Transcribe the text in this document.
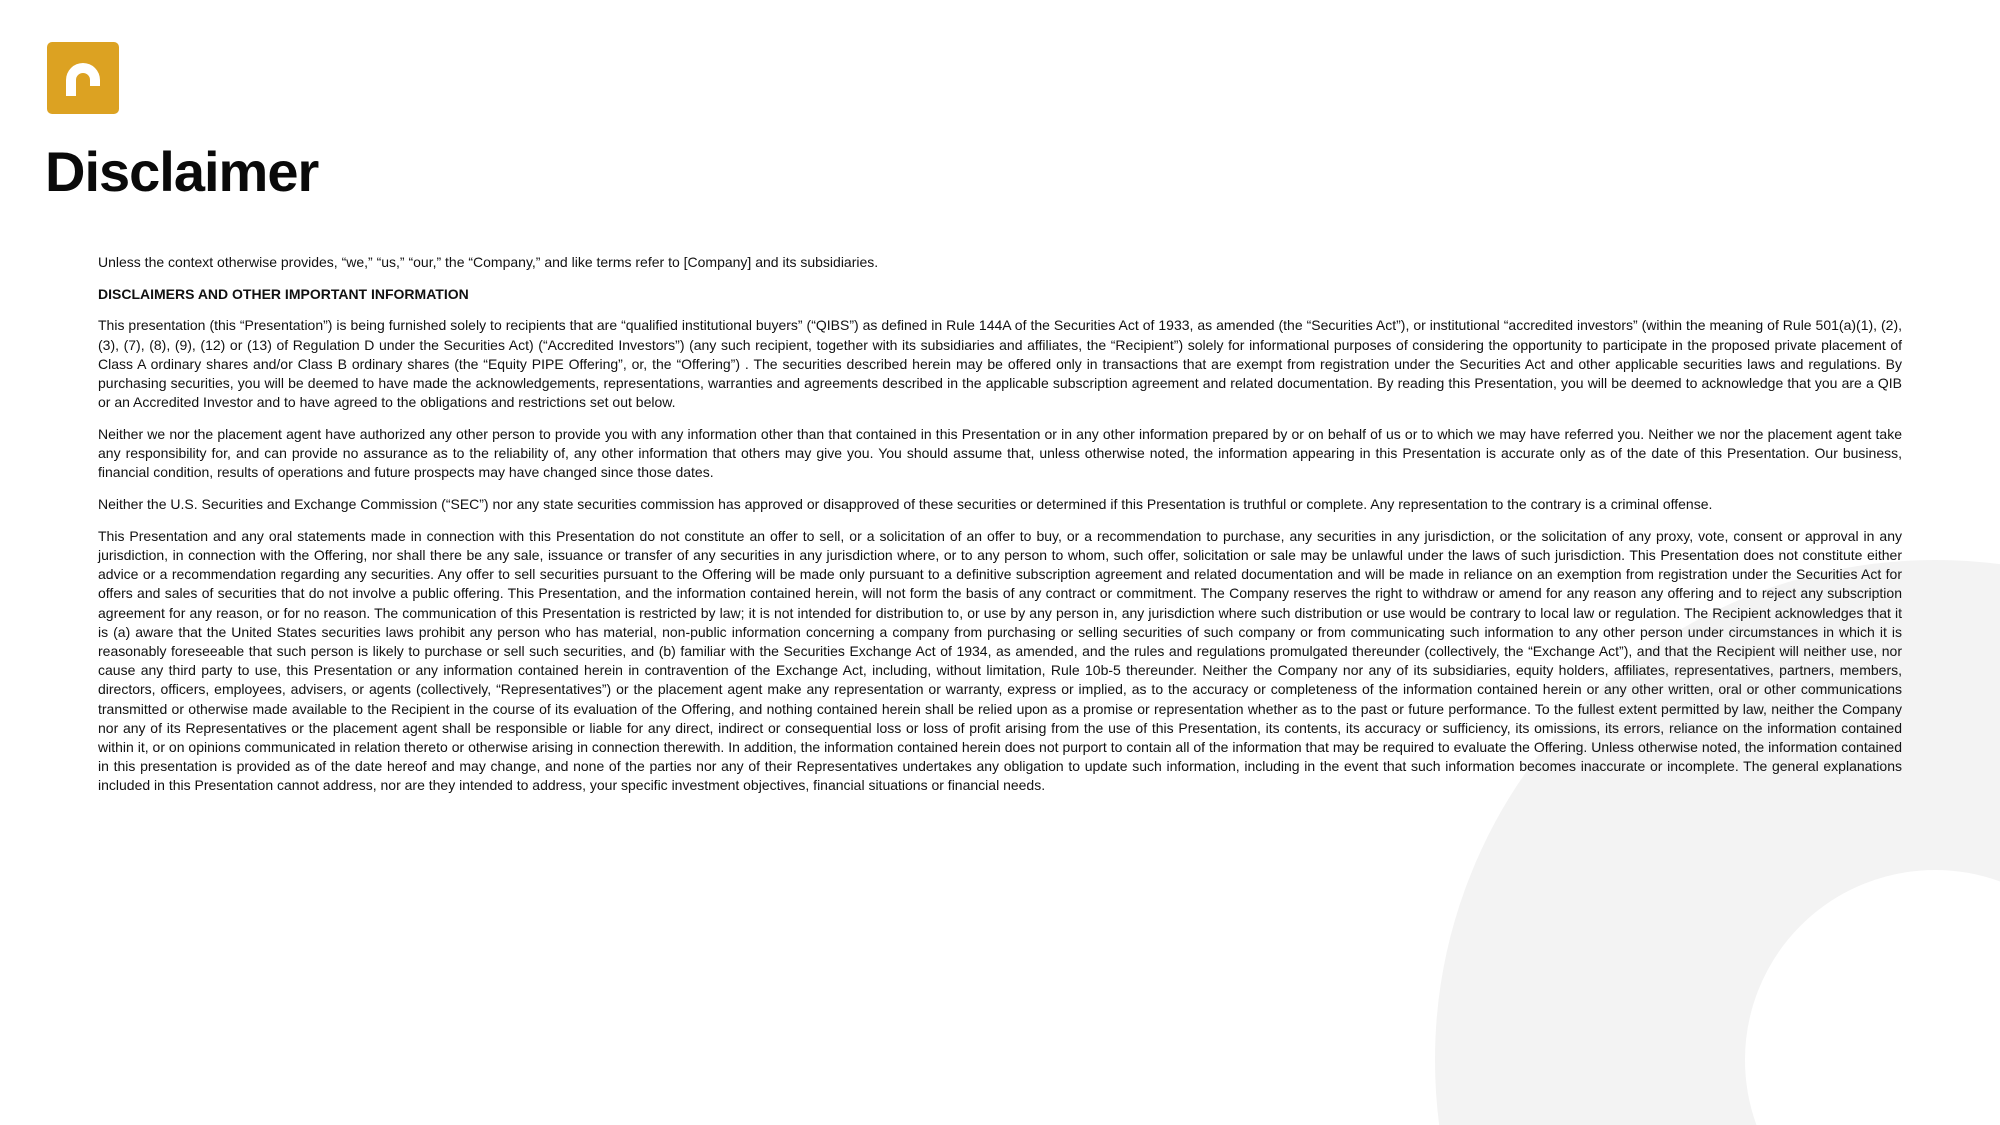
Disclaimer

Unless the context otherwise provides, “we,” “us,” “our,” the “Company,” and like terms refer to [Company] and its subsidiaries.

DISCLAIMERS AND OTHER IMPORTANT INFORMATION

This presentation (this “Presentation”) is being furnished solely to recipients that are “qualified institutional buyers” (“QIBS”) as defined in Rule 144A of the Securities Act of 1933, as amended (the “Securities Act”), or institutional “accredited investors” (within the meaning of Rule 501(a)(1), (2), (3), (7), (8), (9), (12) or (13) of Regulation D under the Securities Act) (“Accredited Investors”) (any such recipient, together with its subsidiaries and affiliates, the “Recipient”) solely for informational purposes of considering the opportunity to participate in the proposed private placement of Class A ordinary shares and/or Class B ordinary shares (the “Equity PIPE Offering”, or, the “Offering”) . The securities described herein may be offered only in transactions that are exempt from registration under the Securities Act and other applicable securities laws and regulations. By purchasing securities, you will be deemed to have made the acknowledgements, representations, warranties and agreements described in the applicable subscription agreement and related documentation. By reading this Presentation, you will be deemed to acknowledge that you are a QIB or an Accredited Investor and to have agreed to the obligations and restrictions set out below.

Neither we nor the placement agent have authorized any other person to provide you with any information other than that contained in this Presentation or in any other information prepared by or on behalf of us or to which we may have referred you. Neither we nor the placement agent take any responsibility for, and can provide no assurance as to the reliability of, any other information that others may give you. You should assume that, unless otherwise noted, the information appearing in this Presentation is accurate only as of the date of this Presentation. Our business, financial condition, results of operations and future prospects may have changed since those dates.

Neither the U.S. Securities and Exchange Commission (“SEC”) nor any state securities commission has approved or disapproved of these securities or determined if this Presentation is truthful or complete. Any representation to the contrary is a criminal offense.

This Presentation and any oral statements made in connection with this Presentation do not constitute an offer to sell, or a solicitation of an offer to buy, or a recommendation to purchase, any securities in any jurisdiction, or the solicitation of any proxy, vote, consent or approval in any jurisdiction, in connection with the Offering, nor shall there be any sale, issuance or transfer of any securities in any jurisdiction where, or to any person to whom, such offer, solicitation or sale may be unlawful under the laws of such jurisdiction. This Presentation does not constitute either advice or a recommendation regarding any securities. Any offer to sell securities pursuant to the Offering will be made only pursuant to a definitive subscription agreement and related documentation and will be made in reliance on an exemption from registration under the Securities Act for offers and sales of securities that do not involve a public offering. This Presentation, and the information contained herein, will not form the basis of any contract or commitment. The Company reserves the right to withdraw or amend for any reason any offering and to reject any subscription agreement for any reason, or for no reason. The communication of this Presentation is restricted by law; it is not intended for distribution to, or use by any person in, any jurisdiction where such distribution or use would be contrary to local law or regulation. The Recipient acknowledges that it is (a) aware that the United States securities laws prohibit any person who has material, non-public information concerning a company from purchasing or selling securities of such company or from communicating such information to any other person under circumstances in which it is reasonably foreseeable that such person is likely to purchase or sell such securities, and (b) familiar with the Securities Exchange Act of 1934, as amended, and the rules and regulations promulgated thereunder (collectively, the “Exchange Act”), and that the Recipient will neither use, nor cause any third party to use, this Presentation or any information contained herein in contravention of the Exchange Act, including, without limitation, Rule 10b-5 thereunder. Neither the Company nor any of its subsidiaries, equity holders, affiliates, representatives, partners, members, directors, officers, employees, advisers, or agents (collectively, “Representatives”) or the placement agent make any representation or warranty, express or implied, as to the accuracy or completeness of the information contained herein or any other written, oral or other communications transmitted or otherwise made available to the Recipient in the course of its evaluation of the Offering, and nothing contained herein shall be relied upon as a promise or representation whether as to the past or future performance. To the fullest extent permitted by law, neither the Company nor any of its Representatives or the placement agent shall be responsible or liable for any direct, indirect or consequential loss or loss of profit arising from the use of this Presentation, its contents, its accuracy or sufficiency, its omissions, its errors, reliance on the information contained within it, or on opinions communicated in relation thereto or otherwise arising in connection therewith. In addition, the information contained herein does not purport to contain all of the information that may be required to evaluate the Offering. Unless otherwise noted, the information contained in this presentation is provided as of the date hereof and may change, and none of the parties nor any of their Representatives undertakes any obligation to update such information, including in the event that such information becomes inaccurate or incomplete. The general explanations included in this Presentation cannot address, nor are they intended to address, your specific investment objectives, financial situations or financial needs.
